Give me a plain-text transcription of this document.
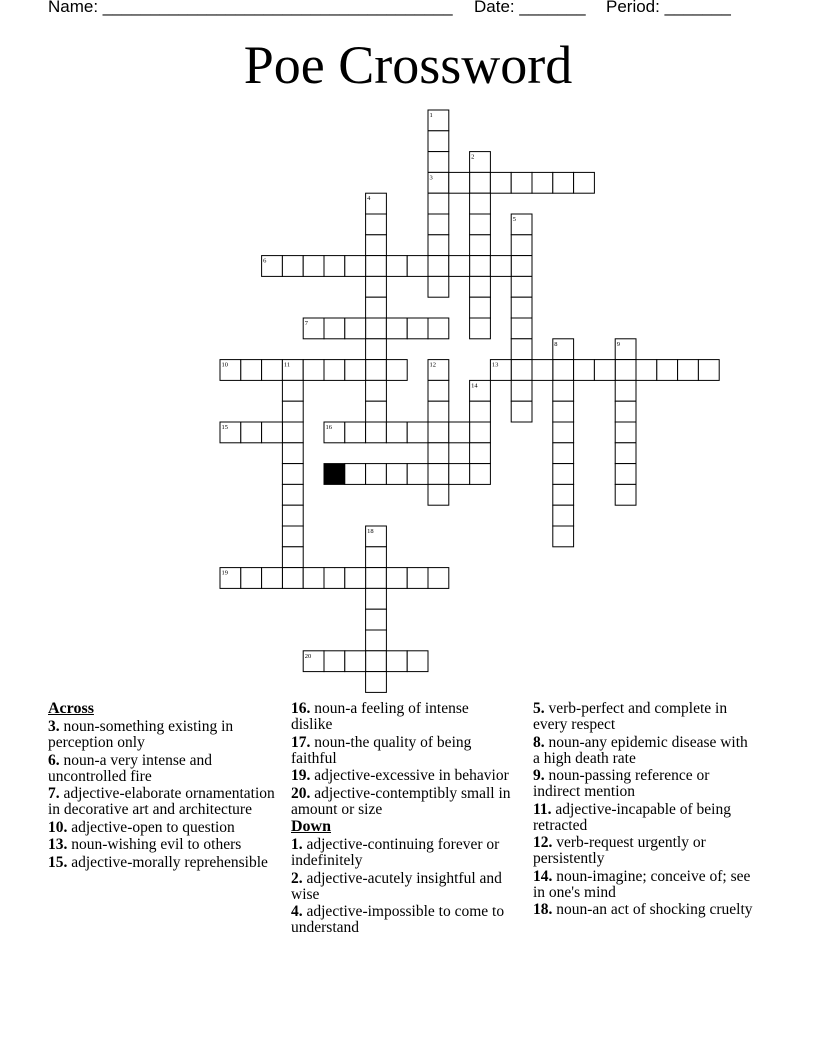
Name: _____________________________________ Date: _______ Period: _______
Poe Crossword
1
2
3
4
5
6
7
8	9
10	11	12	13
14
15	16
17
18
19
20
Across
3. noun-something existing in perception only
6. noun-a very intense and uncontrolled fire
7. adjective-elaborate ornamentation in decorative art and architecture
10. adjective-open to question
13. noun-wishing evil to others
15. adjective-morally reprehensible
16. noun-a feeling of intense dislike
17. noun-the quality of being faithful
19. adjective-excessive in behavior
20. adjective-contemptibly small in amount or size
Down
1. adjective-continuing forever or indefinitely
2. adjective-acutely insightful and wise
4. adjective-impossible to come to understand
5. verb-perfect and complete in every respect
8. noun-any epidemic disease with a high death rate
9. noun-passing reference or indirect mention
11. adjective-incapable of being retracted
12. verb-request urgently or persistently
14. noun-imagine; conceive of; see in one's mind
18. noun-an act of shocking cruelty
